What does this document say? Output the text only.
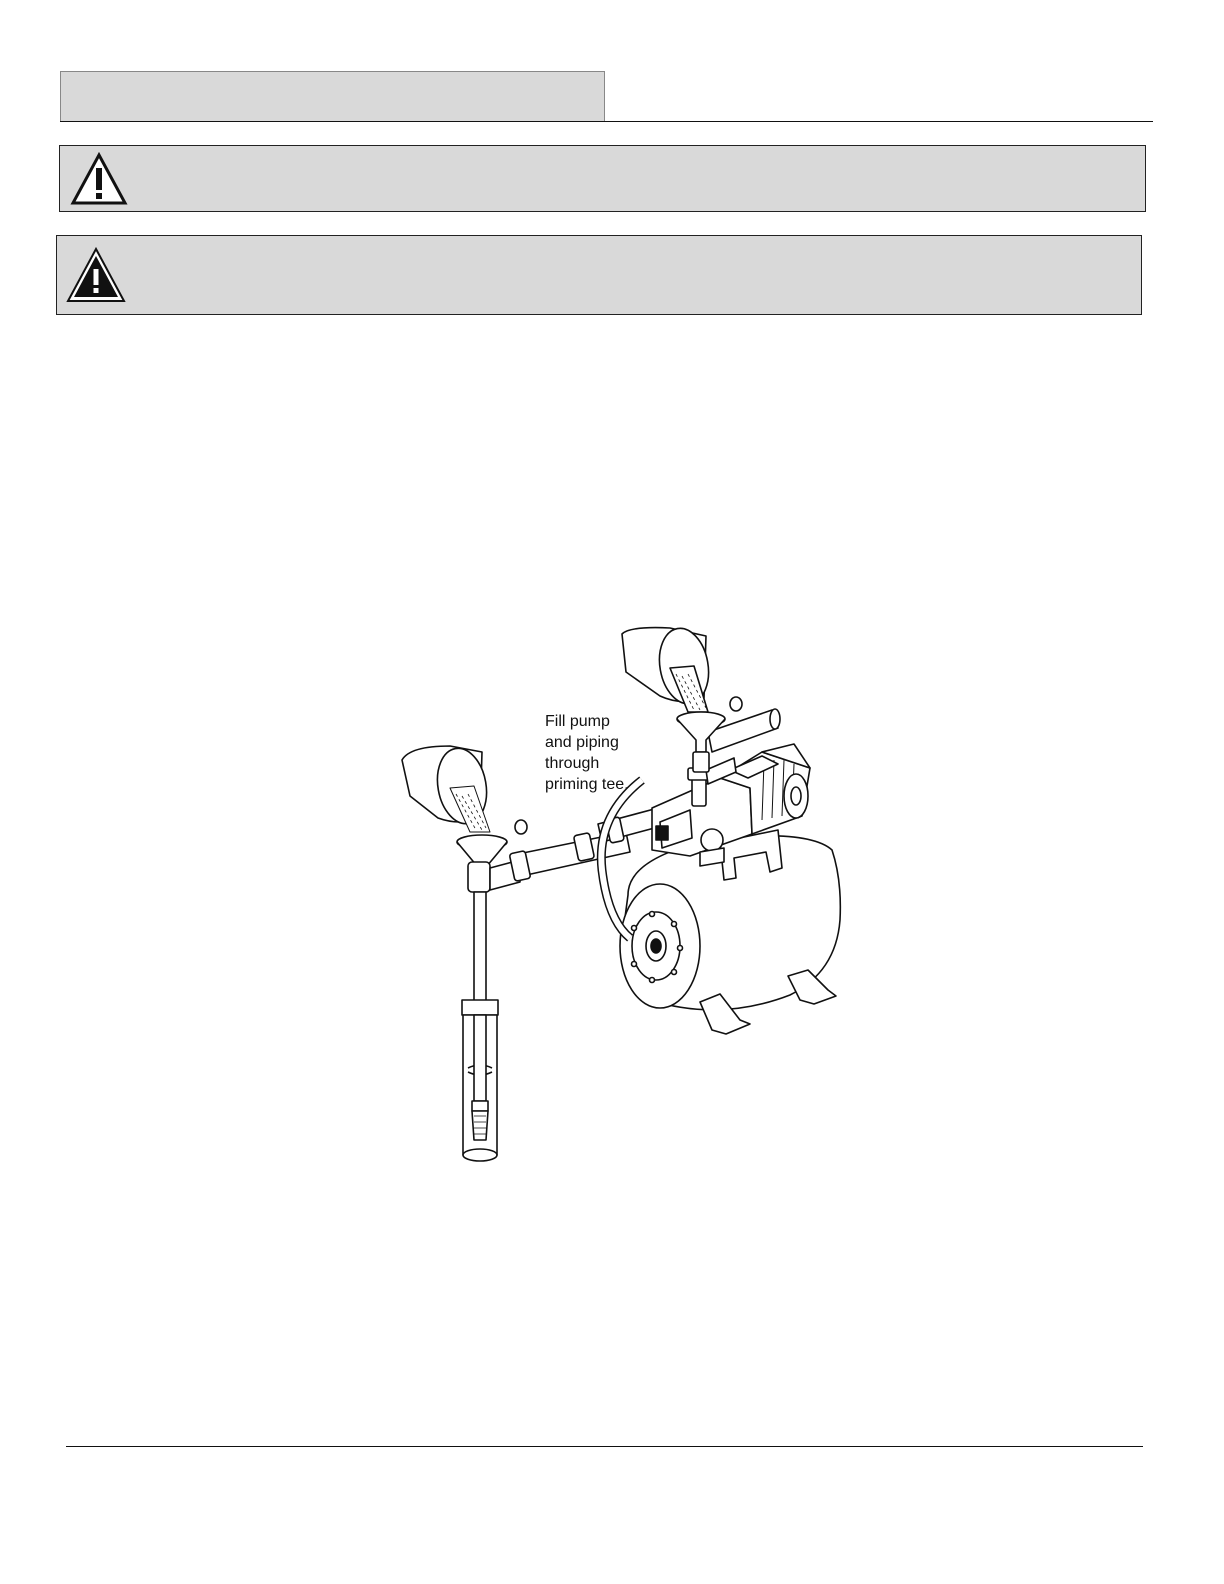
Fill pump
and piping
through
priming tee.
